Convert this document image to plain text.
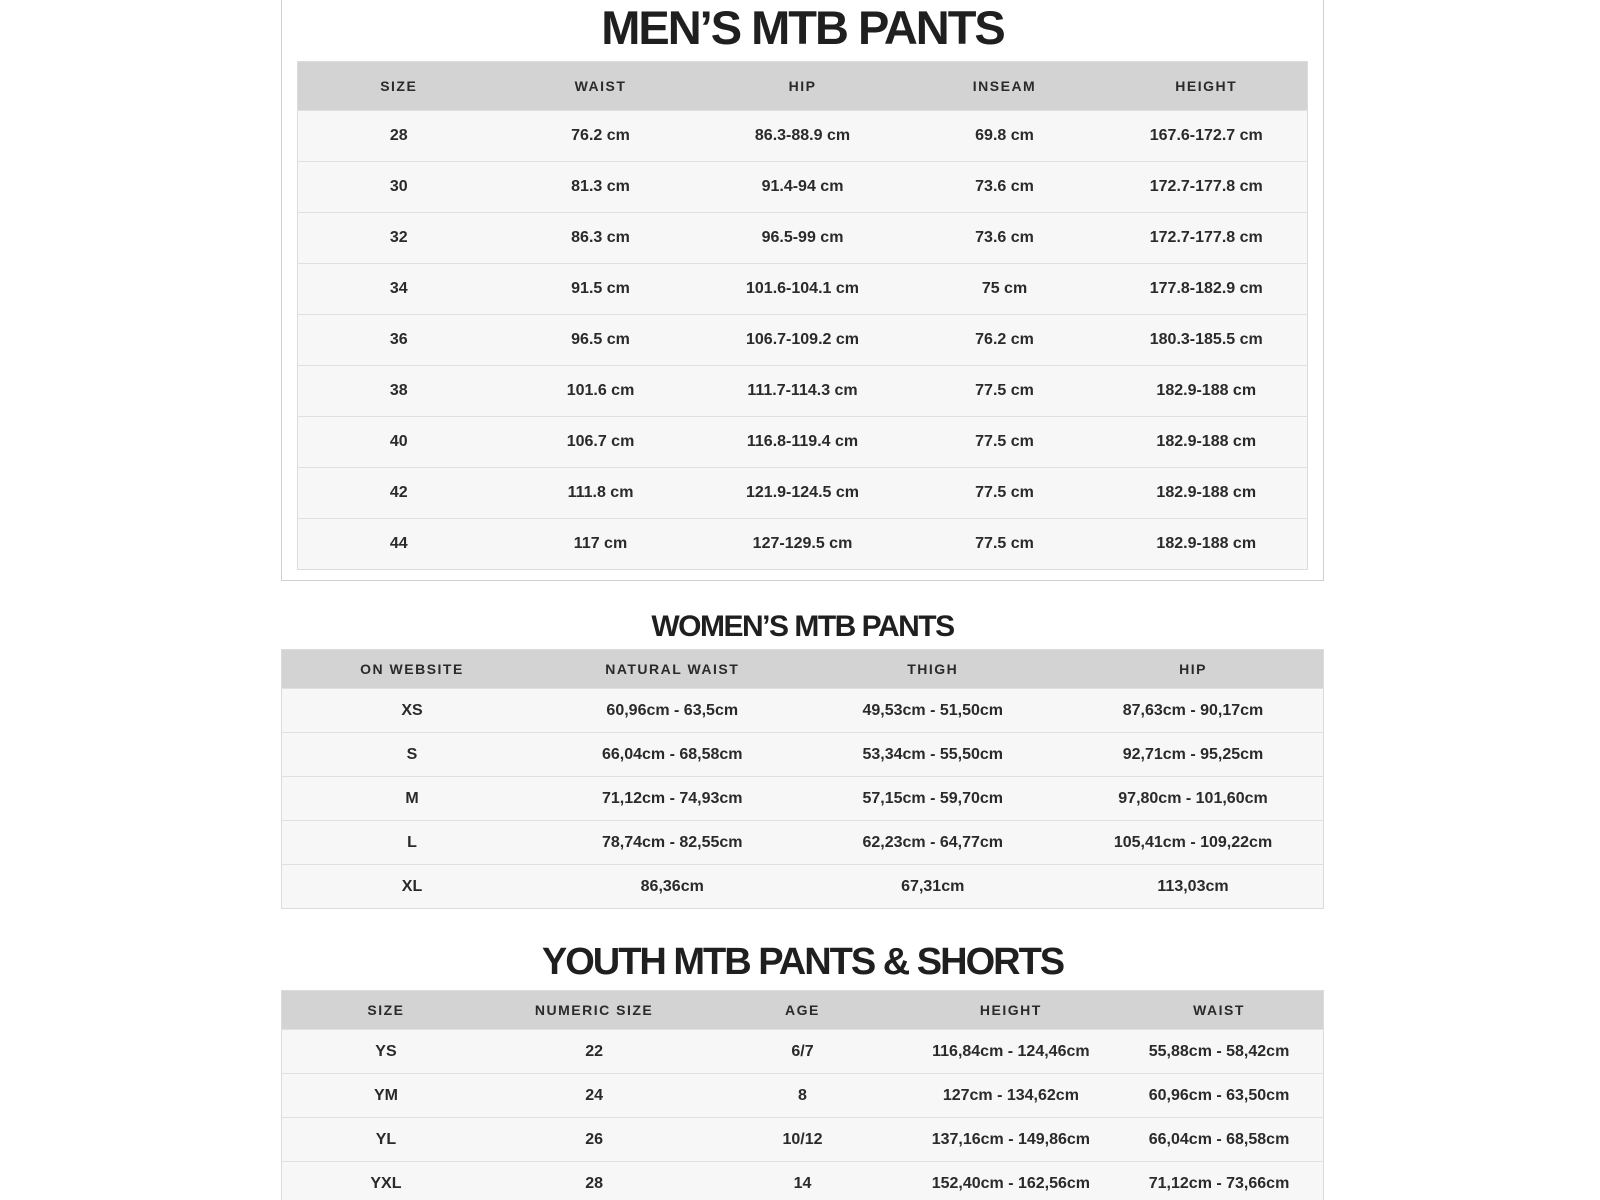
MEN’S MTB PANTS
SIZE	WAIST	HIP	INSEAM	HEIGHT
28	76.2 cm	86.3-88.9 cm	69.8 cm	167.6-172.7 cm
30	81.3 cm	91.4-94 cm	73.6 cm	172.7-177.8 cm
32	86.3 cm	96.5-99 cm	73.6 cm	172.7-177.8 cm
34	91.5 cm	101.6-104.1 cm	75 cm	177.8-182.9 cm
36	96.5 cm	106.7-109.2 cm	76.2 cm	180.3-185.5 cm
38	101.6 cm	111.7-114.3 cm	77.5 cm	182.9-188 cm
40	106.7 cm	116.8-119.4 cm	77.5 cm	182.9-188 cm
42	111.8 cm	121.9-124.5 cm	77.5 cm	182.9-188 cm
44	117 cm	127-129.5 cm	77.5 cm	182.9-188 cm
WOMEN’S MTB PANTS
ON WEBSITE	NATURAL WAIST	THIGH	HIP
XS	60,96cm - 63,5cm	49,53cm - 51,50cm	87,63cm - 90,17cm
S	66,04cm - 68,58cm	53,34cm - 55,50cm	92,71cm - 95,25cm
M	71,12cm - 74,93cm	57,15cm - 59,70cm	97,80cm - 101,60cm
L	78,74cm - 82,55cm	62,23cm - 64,77cm	105,41cm - 109,22cm
XL	86,36cm	67,31cm	113,03cm
YOUTH MTB PANTS & SHORTS
SIZE	NUMERIC SIZE	AGE	HEIGHT	WAIST
YS	22	6/7	116,84cm - 124,46cm	55,88cm - 58,42cm
YM	24	8	127cm - 134,62cm	60,96cm - 63,50cm
YL	26	10/12	137,16cm - 149,86cm	66,04cm - 68,58cm
YXL	28	14	152,40cm - 162,56cm	71,12cm - 73,66cm
